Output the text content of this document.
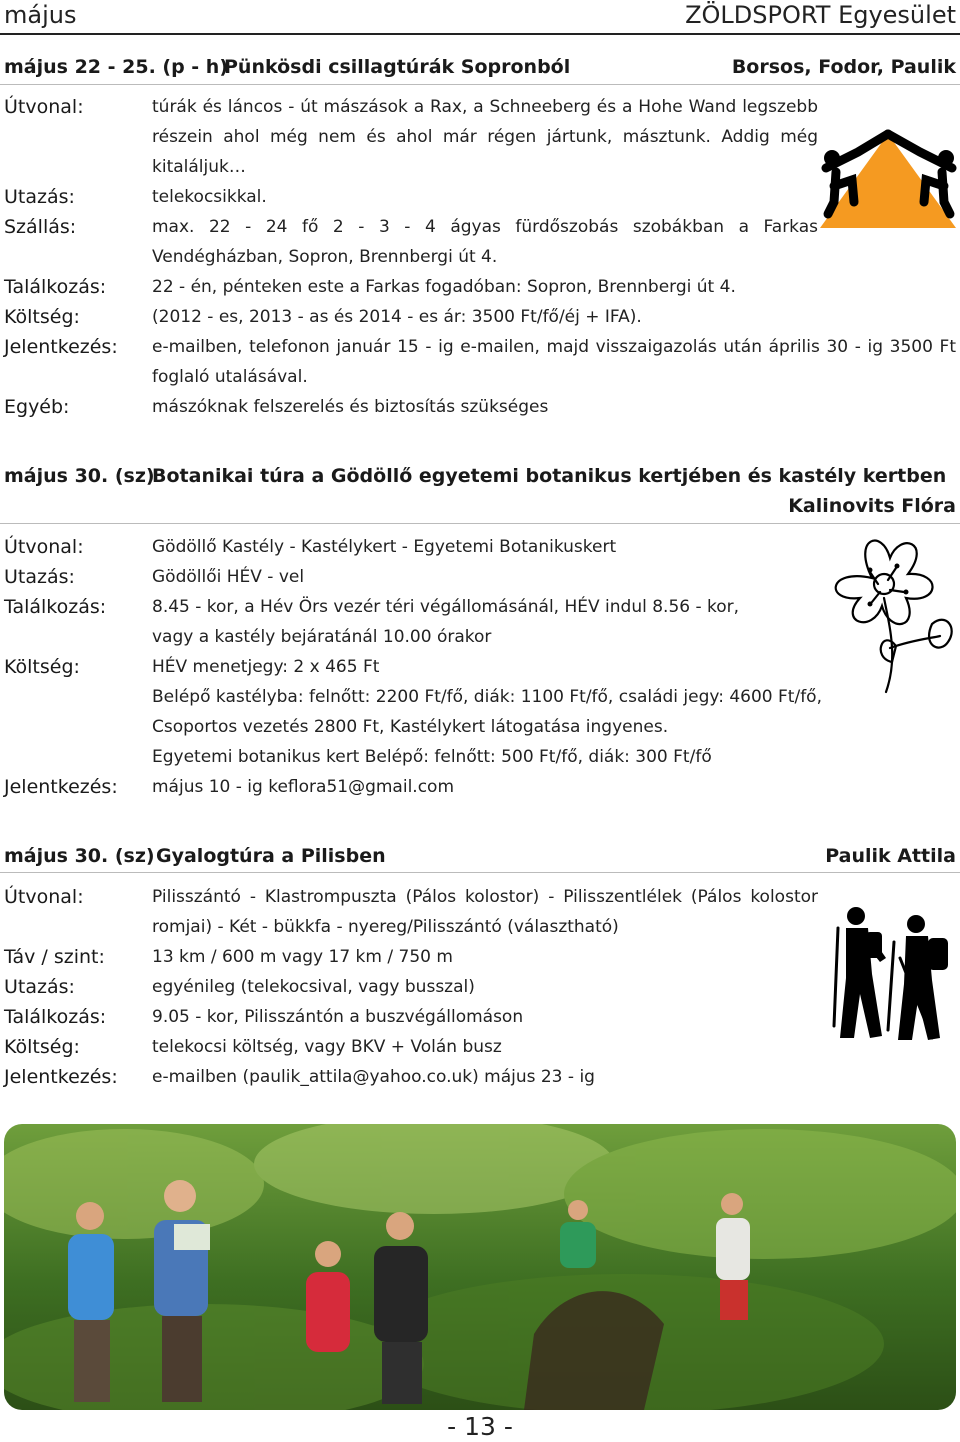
május	ZÖLDSPORT Egyesület
május 22 - 25. (p - h)
Pünkösdi csillagtúrák Sopronból	Borsos, Fodor, Paulik
Útvonal:	túrák és láncos - út mászások a Rax, a Schneeberg és a Hohe Wand legszebb részein ahol még nem és ahol már régen jártunk, másztunk. Addig még kitaláljuk…
Utazás:	telekocsikkal.
Szállás:	max. 22 - 24 fő 2 - 3 - 4 ágyas fürdőszobás szobákban a Farkas Vendégházban, Sopron, Brennbergi út 4.
Találkozás:	22 - én, pénteken este a Farkas fogadóban: Sopron, Brennbergi út 4.
Költség:	(2012 - es, 2013 - as és 2014 - es ár: 3500 Ft/fő/éj + IFA).
Jelentkezés: e-mailben, telefonon január 15 - ig e-mailen, majd visszaigazolás után április 30 - ig 3500 Ft foglaló utalásával.
Egyéb:	mászóknak felszerelés és biztosítás szükséges
május 30. (sz)
Botanikai túra a Gödöllő egyetemi botanikus kertjében és kastély kertben
Kalinovits Flóra
Útvonal:	Gödöllő Kastély - Kastélykert - Egyetemi Botanikuskert
Utazás:	Gödöllői HÉV - vel
Találkozás:	8.45 - kor, a Hév Örs vezér téri végállomásánál, HÉV indul 8.56 - kor,
vagy a kastély bejáratánál 10.00 órakor
Költség:	HÉV menetjegy: 2 x 465 Ft
Belépő kastélyba: felnőtt: 2200 Ft/fő, diák: 1100 Ft/fő, családi jegy: 4600 Ft/fő,
Csoportos vezetés 2800 Ft, Kastélykert látogatása ingyenes.
Egyetemi botanikus kert Belépő: felnőtt: 500 Ft/fő, diák: 300 Ft/fő
Jelentkezés: május 10 - ig keflora51@gmail.com
május 30. (sz) Gyalogtúra a Pilisben	Paulik Attila
Útvonal:	Pilisszántó - Klastrompuszta (Pálos kolostor) - Pilisszentlélek (Pálos kolostor romjai) - Két - bükkfa - nyereg/Pilisszántó (választható)
Táv / szint:	13 km / 600 m vagy 17 km / 750 m
Utazás:	egyénileg (telekocsival, vagy busszal)
Találkozás:	9.05 - kor, Pilisszántón a buszvégállomáson
Költség:	telekocsi költség, vagy BKV + Volán busz
Jelentkezés: e-mailben (paulik_attila@yahoo.co.uk) május 23 - ig
- 13 -
